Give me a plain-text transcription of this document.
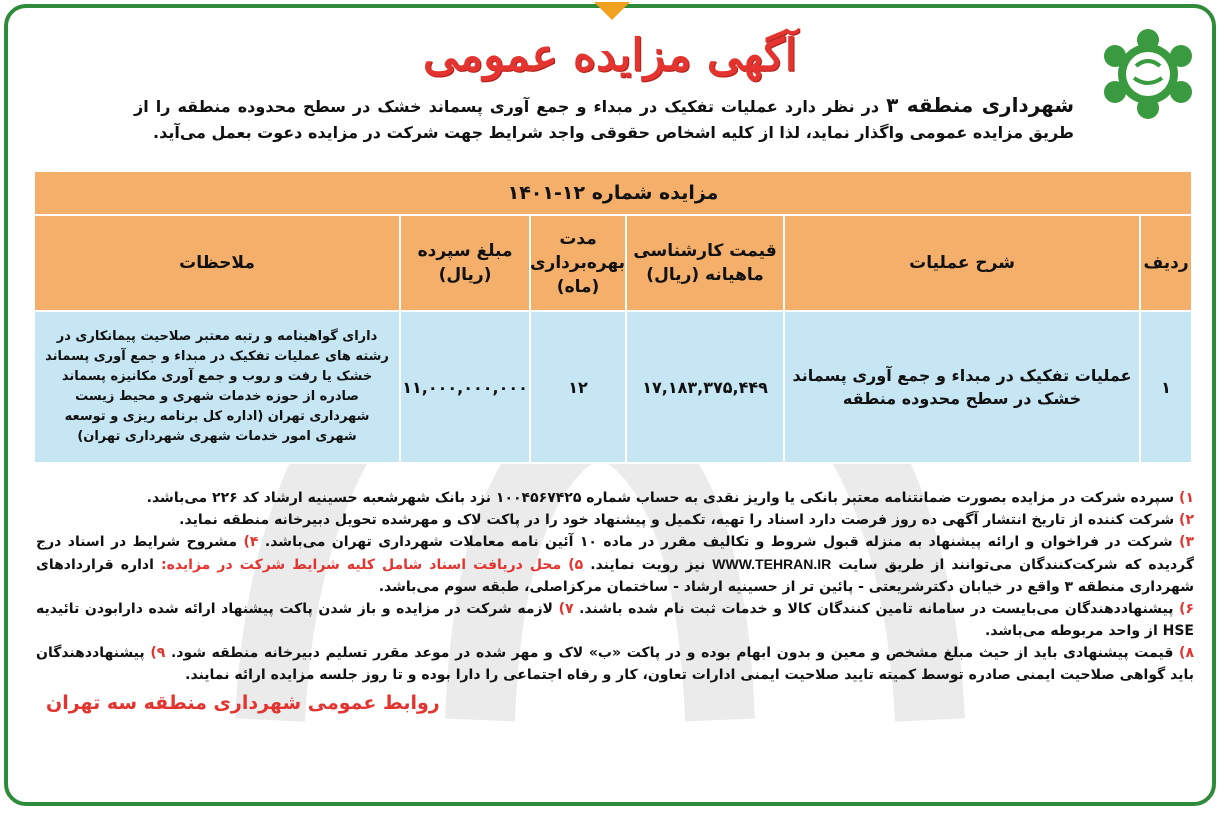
آگهی مزایده عمومی
شهرداری منطقه ۳ در نظر دارد عملیات تفکیک در مبداء و جمع آوری پسماند خشک در سطح محدوده منطقه را از طریق مزایده عمومی واگذار نماید، لذا از کلیه اشخاص حقوقی واجد شرایط جهت شرکت در مزایده دعوت بعمل می‌آید.
مزایده شماره ۱۲-۱۴۰۱					
ردیف	شرح عملیات	قیمت کارشناسی ماهیانه (ریال)	مدت بهره‌برداری (ماه)	مبلغ سپرده (ریال)	ملاحظات
۱	عملیات تفکیک در مبداء و جمع آوری پسماند خشک در سطح محدوده منطقه	۱۷,۱۸۳,۳۷۵,۴۴۹	۱۲	۱۱,۰۰۰,۰۰۰,۰۰۰	دارای گواهینامه و رتبه معتبر صلاحیت پیمانکاری در رشته های عملیات تفکیک در مبداء و جمع آوری پسماند خشک یا رفت و روب و جمع آوری مکانیزه پسماند صادره از حوزه خدمات شهری و محیط زیست شهرداری تهران (اداره کل برنامه ریزی و توسعه شهری امور خدمات شهری شهرداری تهران)

۱) سپرده شرکت در مزایده بصورت ضمانتنامه معتبر بانکی یا واریز نقدی به حساب شماره ۱۰۰۴۵۶۷۴۲۵ نزد بانک شهرشعبه حسینیه ارشاد کد ۲۲۶ می‌باشد.

۲) شرکت کننده از تاریخ انتشار آگهی ده روز فرصت دارد اسناد را تهیه، تکمیل و پیشنهاد خود را در پاکت لاک و مهرشده تحویل دبیرخانه منطقه نماید.

۳) شرکت در فراخوان و ارائه پیشنهاد به منزله قبول شروط و تکالیف مقرر در ماده ۱۰ آئین نامه معاملات شهرداری تهران می‌باشد. ۴) مشروح شرایط در اسناد درج گردیده که شرکت‌کنندگان می‌توانند از طریق سایت WWW.TEHRAN.IR نیز رویت نمایند. ۵) محل دریافت اسناد شامل کلیه شرایط شرکت در مزایده: اداره قراردادهای شهرداری منطقه ۳ واقع در خیابان دکترشریعتی - پائین تر از حسینیه ارشاد - ساختمان مرکزاصلی، طبقه سوم می‌باشد.

۶) پیشنهاددهندگان می‌بایست در سامانه تامین کنندگان کالا و خدمات ثبت نام شده باشند. ۷) لازمه شرکت در مزایده و باز شدن پاکت پیشنهاد ارائه شده دارابودن تائیدیه HSE از واحد مربوطه می‌باشد.

۸) قیمت پیشنهادی باید از حیث مبلغ مشخص و معین و بدون ابهام بوده و در پاکت «ب» لاک و مهر شده در موعد مقرر تسلیم دبیرخانه منطقه شود. ۹) پیشنهاددهندگان باید گواهی صلاحیت ایمنی صادره توسط کمیته تایید صلاحیت ایمنی ادارات تعاون، کار و رفاه اجتماعی را دارا بوده و تا روز جلسه مزایده ارائه نمایند.

روابط عمومی شهرداری منطقه سه تهران
